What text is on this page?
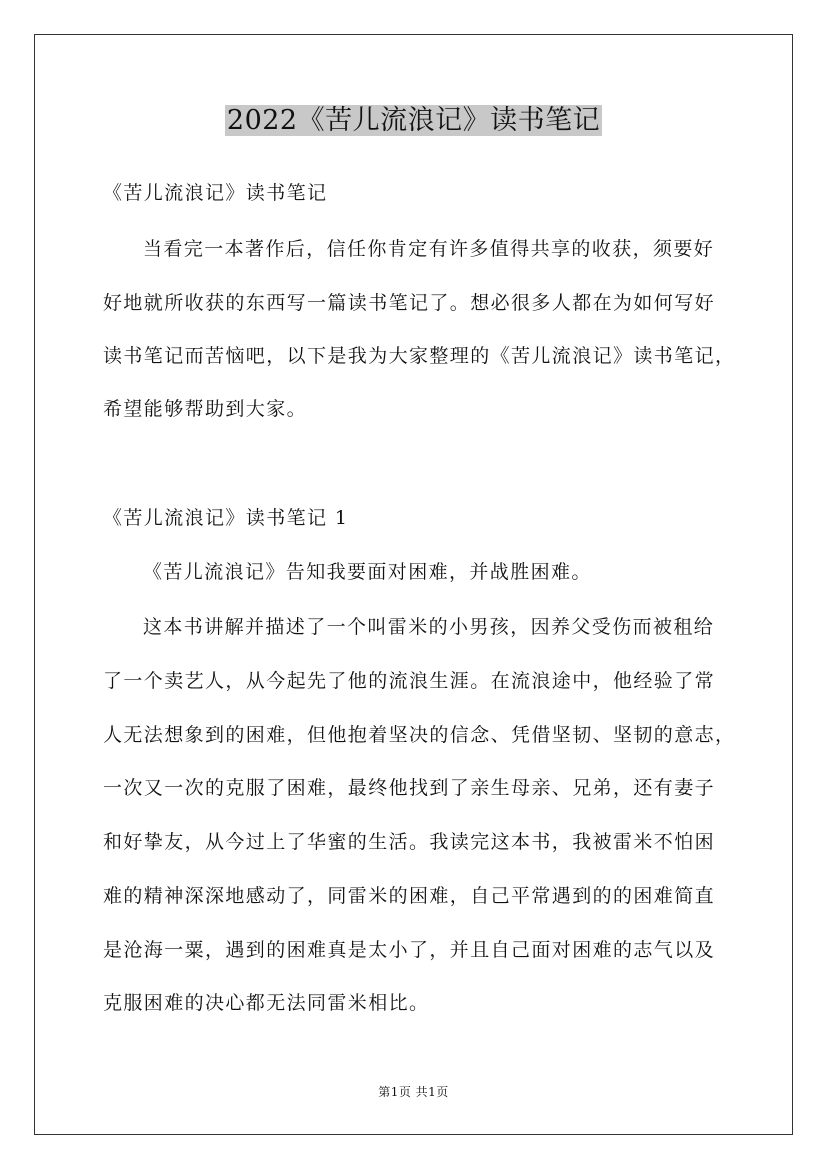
2022《苦儿流浪记》读书笔记
《苦儿流浪记》读书笔记
当看完一本著作后，信任你肯定有许多值得共享的收获，须要好
好地就所收获的东西写一篇读书笔记了。想必很多人都在为如何写好
读书笔记而苦恼吧，以下是我为大家整理的《苦儿流浪记》读书笔记，
希望能够帮助到大家。
《苦儿流浪记》读书笔记 1
《苦儿流浪记》告知我要面对困难，并战胜困难。
这本书讲解并描述了一个叫雷米的小男孩，因养父受伤而被租给
了一个卖艺人，从今起先了他的流浪生涯。在流浪途中，他经验了常
人无法想象到的困难，但他抱着坚决的信念、凭借坚韧、坚韧的意志，
一次又一次的克服了困难，最终他找到了亲生母亲、兄弟，还有妻子
和好挚友，从今过上了华蜜的生活。我读完这本书，我被雷米不怕困
难的精神深深地感动了，同雷米的困难，自己平常遇到的的困难简直
是沧海一粟，遇到的困难真是太小了，并且自己面对困难的志气以及
克服困难的决心都无法同雷米相比。
第1页 共1页
